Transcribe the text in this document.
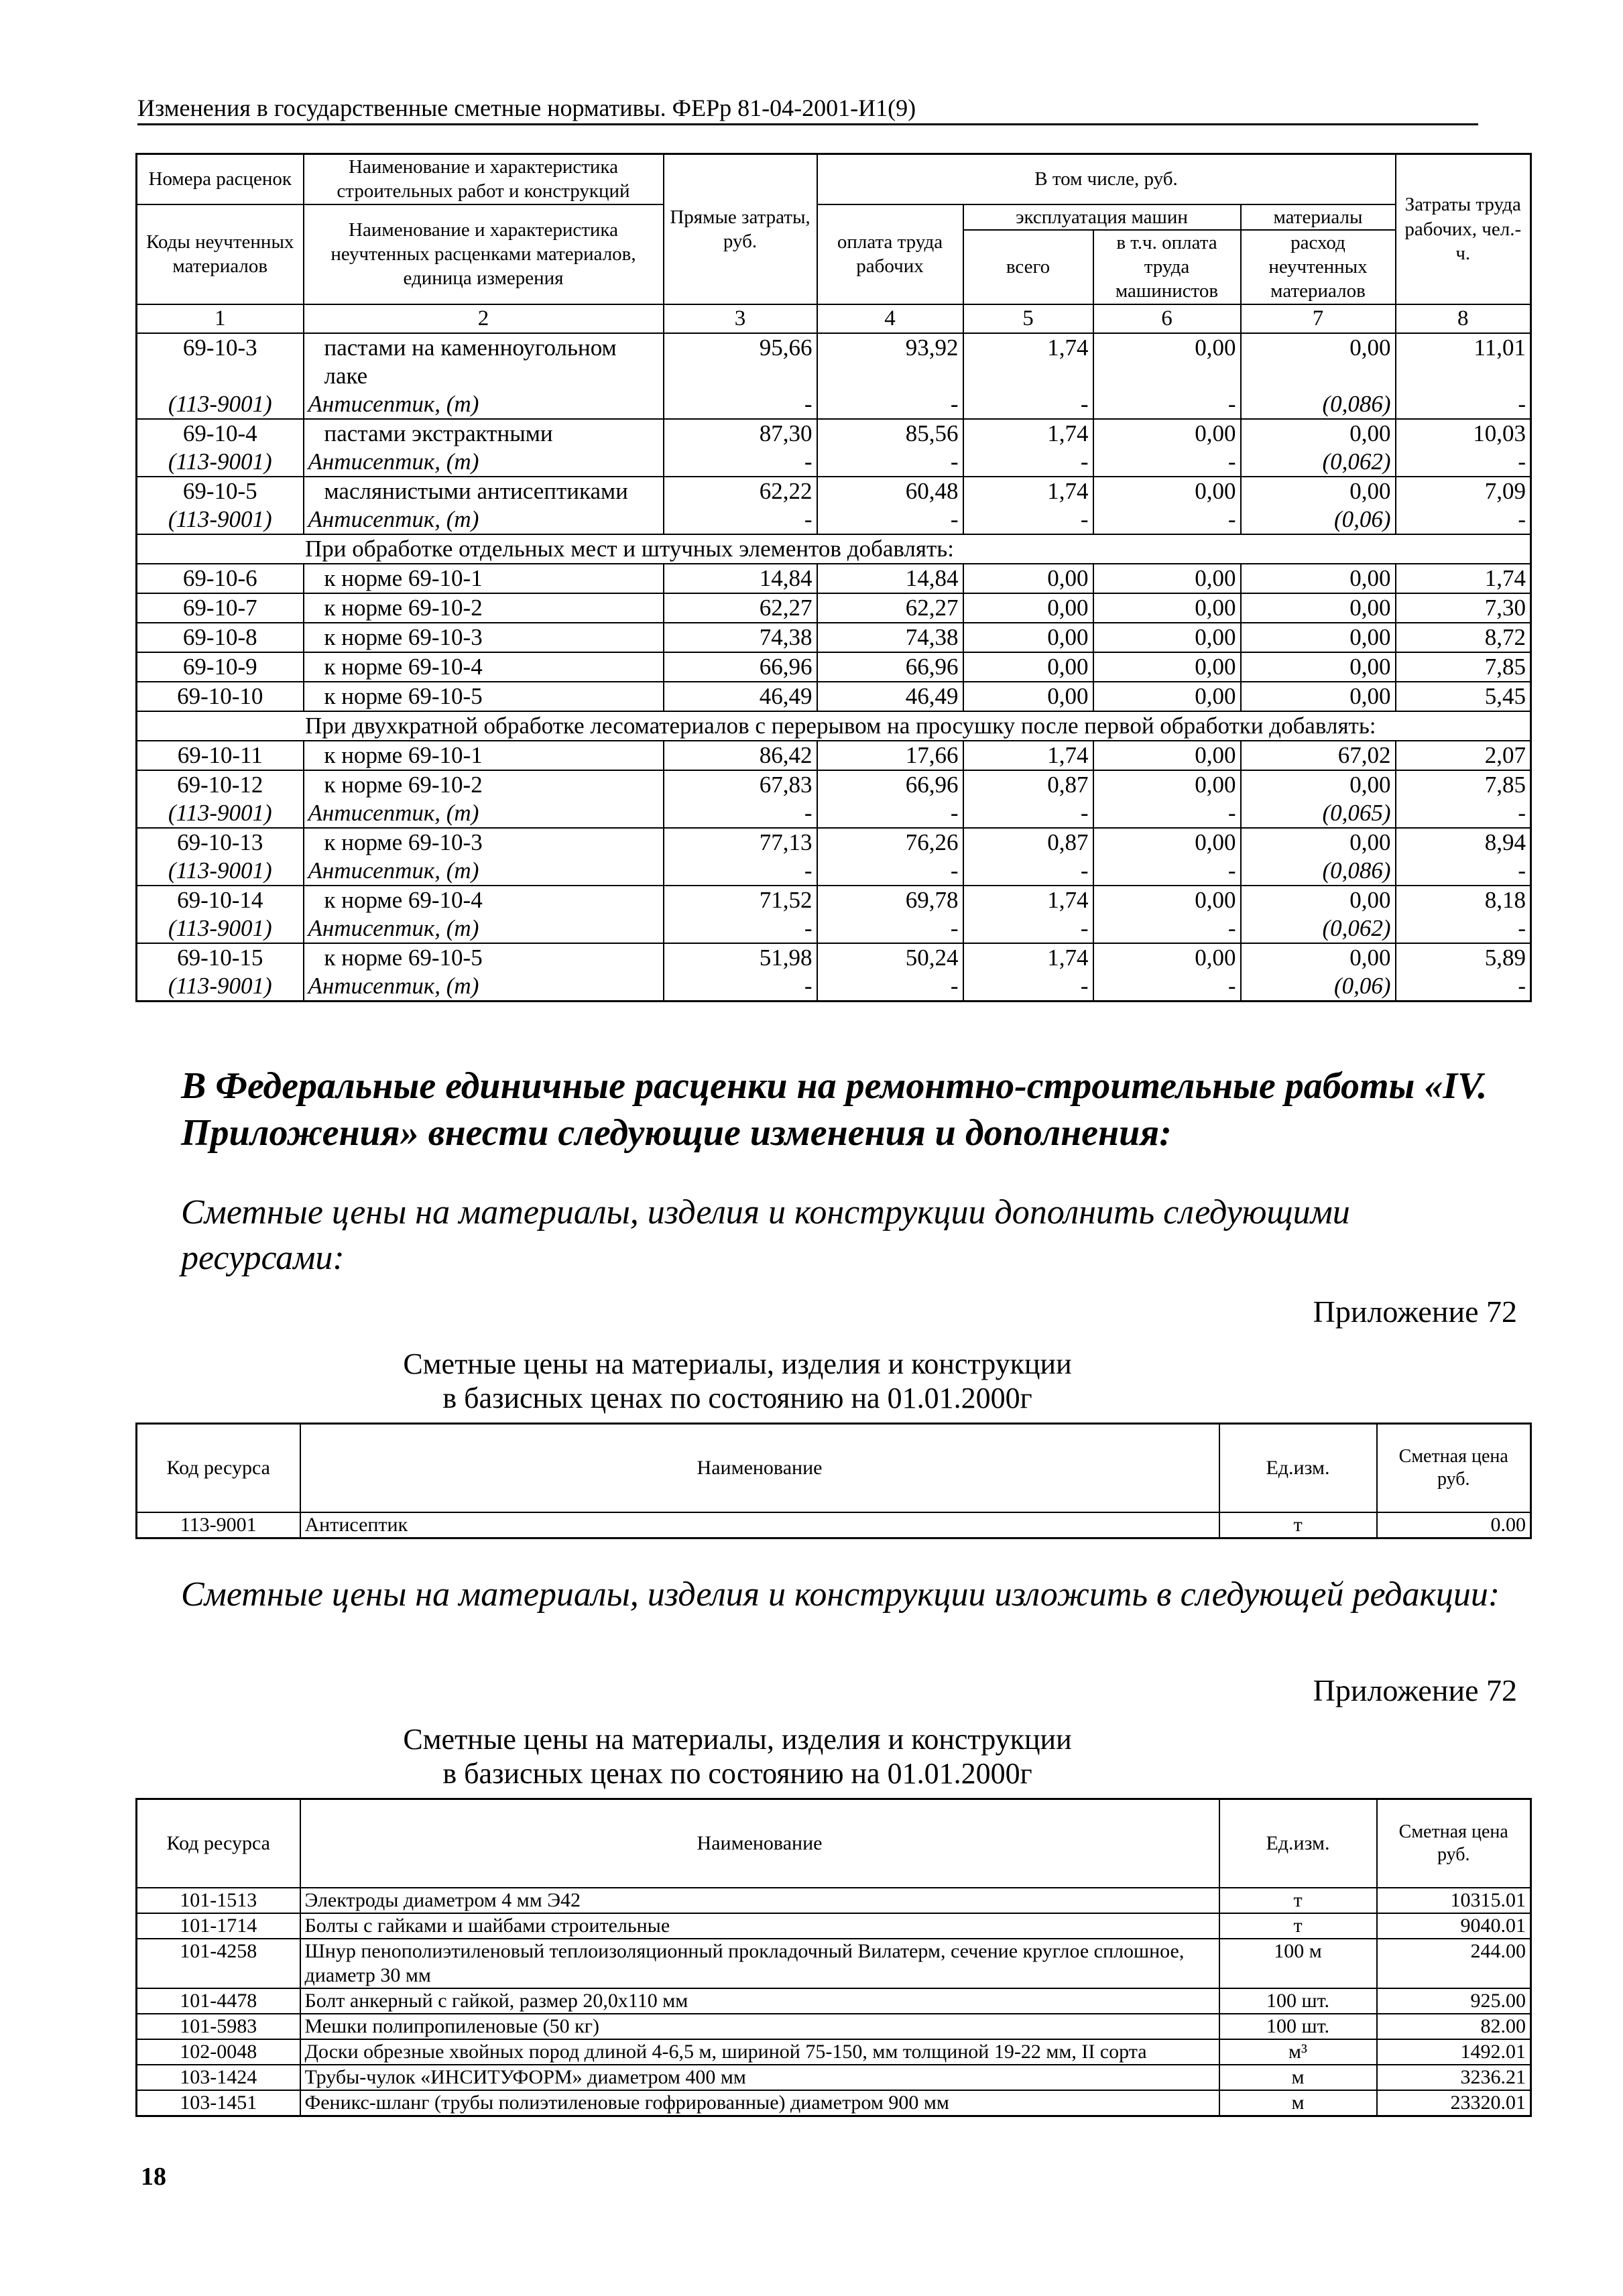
Изменения в государственные сметные нормативы. ФЕРр 81-04-2001-И1(9)
Номера расценок	Наименование и характеристика строительных работ и конструкций	Прямые затраты, руб.	В том числе, руб.				Затраты труда рабочих, чел.-ч.
Коды неучтенных материалов	Наименование и характеристика неучтенных расценками материалов, единица измерения		оплата труда рабочих	эксплуатация машин		материалы	
				всего	в т.ч. оплата труда машинистов	расход неучтенных материалов	
1	2	3	4	5	6	7	8
69-10-3	пастами на каменноугольном лаке	95,66	93,92	1,74	0,00	0,00	11,01
(113-9001)	Антисептик, (т)	-	-	-	-	(0,086)	-
69-10-4	пастами экстрактными	87,30	85,56	1,74	0,00	0,00	10,03
(113-9001)	Антисептик, (т)	-	-	-	-	(0,062)	-
69-10-5	маслянистыми антисептиками	62,22	60,48	1,74	0,00	0,00	7,09
(113-9001)	Антисептик, (т)	-	-	-	-	(0,06)	-
При обработке отдельных мест и штучных элементов добавлять:							
69-10-6	к норме 69-10-1	14,84	14,84	0,00	0,00	0,00	1,74
69-10-7	к норме 69-10-2	62,27	62,27	0,00	0,00	0,00	7,30
69-10-8	к норме 69-10-3	74,38	74,38	0,00	0,00	0,00	8,72
69-10-9	к норме 69-10-4	66,96	66,96	0,00	0,00	0,00	7,85
69-10-10	к норме 69-10-5	46,49	46,49	0,00	0,00	0,00	5,45
При двухкратной обработке лесоматериалов с перерывом на просушку после первой обработки добавлять:							
69-10-11	к норме 69-10-1	86,42	17,66	1,74	0,00	67,02	2,07
69-10-12	к норме 69-10-2	67,83	66,96	0,87	0,00	0,00	7,85
(113-9001)	Антисептик, (т)	-	-	-	-	(0,065)	-
69-10-13	к норме 69-10-3	77,13	76,26	0,87	0,00	0,00	8,94
(113-9001)	Антисептик, (т)	-	-	-	-	(0,086)	-
69-10-14	к норме 69-10-4	71,52	69,78	1,74	0,00	0,00	8,18
(113-9001)	Антисептик, (т)	-	-	-	-	(0,062)	-
69-10-15	к норме 69-10-5	51,98	50,24	1,74	0,00	0,00	5,89
(113-9001)	Антисептик, (т)	-	-	-	-	(0,06)	-
В Федеральные единичные расценки на ремонтно-строительные работы «IV. Приложения» внести следующие изменения и дополнения:
Сметные цены на материалы, изделия и конструкции дополнить следующими ресурсами:
Приложение 72
Сметные цены на материалы, изделия и конструкции
в базисных ценах по состоянию на 01.01.2000г
Код ресурса	Наименование	Ед.изм.	Сметная цена руб.
113-9001	Антисептик	т	0.00
Сметные цены на материалы, изделия и конструкции изложить в следующей редакции:
Приложение 72
Сметные цены на материалы, изделия и конструкции
в базисных ценах по состоянию на 01.01.2000г
Код ресурса	Наименование	Ед.изм.	Сметная цена руб.
101-1513	Электроды диаметром 4 мм Э42	т	10315.01
101-1714	Болты с гайками и шайбами строительные	т	9040.01
101-4258	Шнур пенополиэтиленовый теплоизоляционный прокладочный Вилатерм, сечение круглое сплошное, диаметр 30 мм	100 м	244.00
101-4478	Болт анкерный с гайкой, размер 20,0х110 мм	100 шт.	925.00
101-5983	Мешки полипропиленовые (50 кг)	100 шт.	82.00
102-0048	Доски обрезные хвойных пород длиной 4-6,5 м, шириной 75-150, мм толщиной 19-22 мм, II сорта	м³	1492.01
103-1424	Трубы-чулок «ИНСИТУФОРМ» диаметром 400 мм	м	3236.21
103-1451	Феникс-шланг (трубы полиэтиленовые гофрированные) диаметром 900 мм	м	23320.01
18
